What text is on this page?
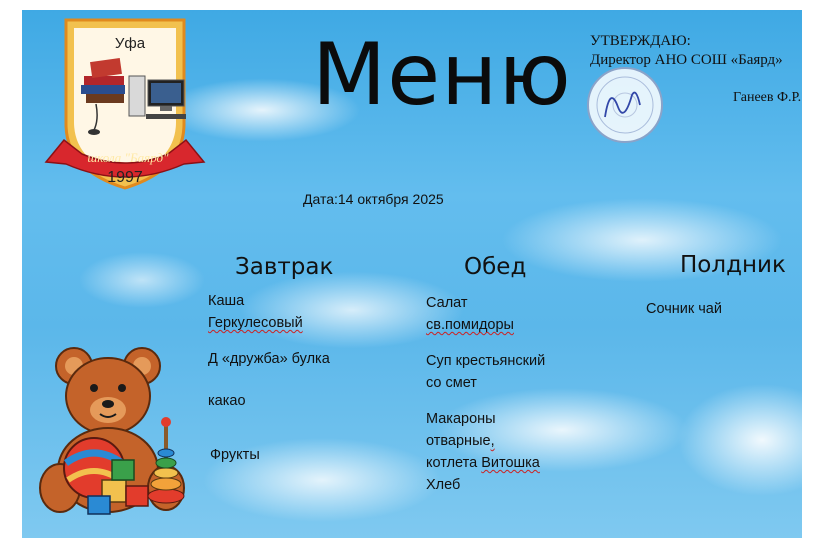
Уфа
школа "Баярд"
1997
Меню УТВЕРЖДАЮ:
Директор АНО СОШ «Баярд»
Ганеев Ф.Р.
Дата:14 октября 2025
Завтрак	Обед	Полдник
Каша
Геркулесовый
Д «дружба» булка
какао
Фрукты
Салат
св.помидоры
Суп крестьянский
со смет
Макароны
отварные,
котлета Витошка
Хлеб
Сочник чай
